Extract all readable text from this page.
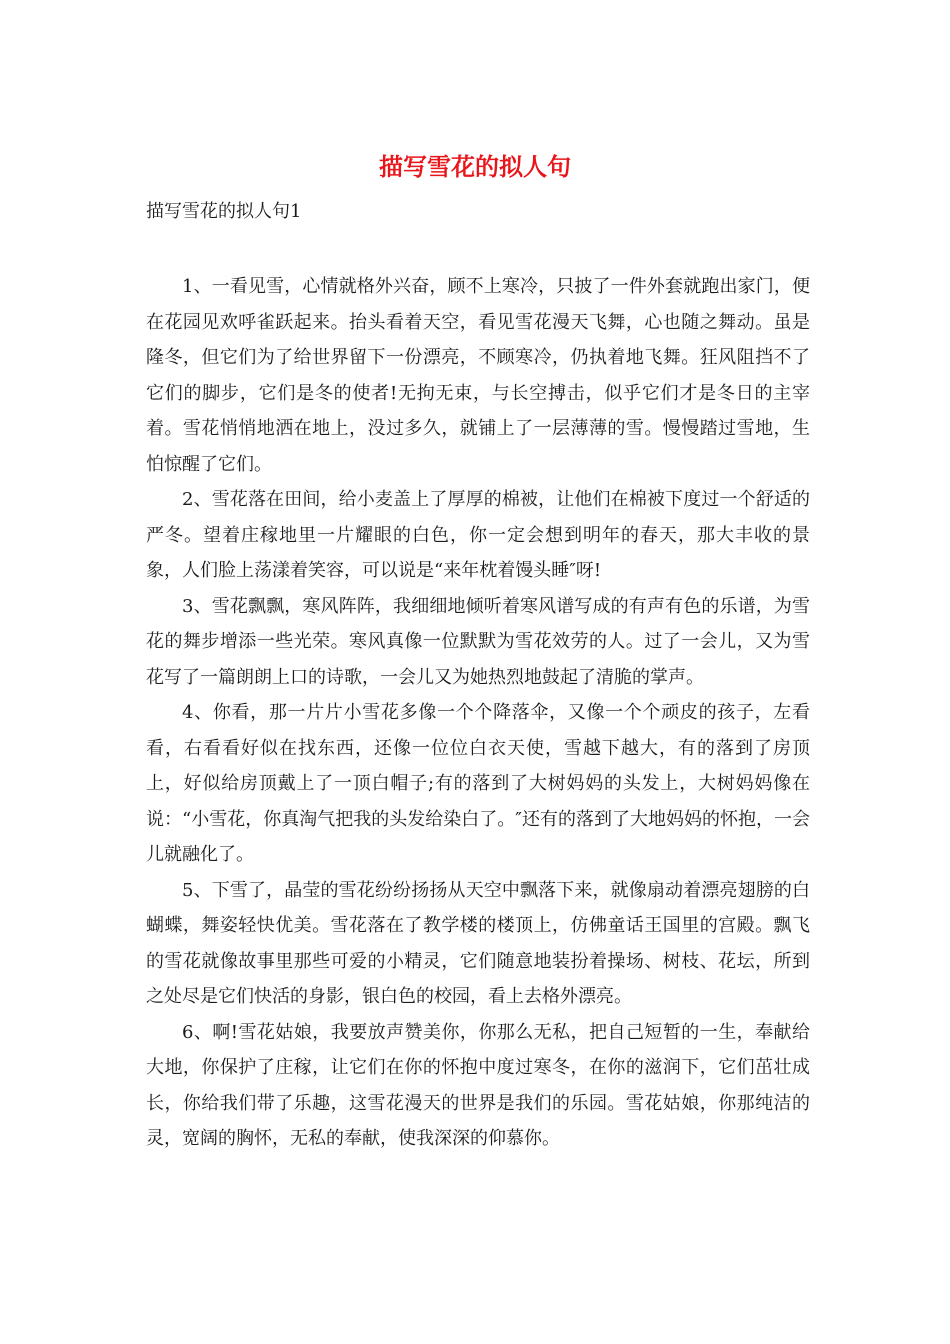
描写雪花的拟人句

描写雪花的拟人句1

1、一看见雪，心情就格外兴奋，顾不上寒冷，只披了一件外套就跑出家门，便在花园见欢呼雀跃起来。抬头看着天空，看见雪花漫天飞舞，心也随之舞动。虽是隆冬，但它们为了给世界留下一份漂亮，不顾寒冷，仍执着地飞舞。狂风阻挡不了它们的脚步，它们是冬的使者!无拘无束，与长空搏击，似乎它们才是冬日的主宰着。雪花悄悄地洒在地上，没过多久，就铺上了一层薄薄的雪。慢慢踏过雪地，生怕惊醒了它们。

2、雪花落在田间，给小麦盖上了厚厚的棉被，让他们在棉被下度过一个舒适的严冬。望着庄稼地里一片耀眼的白色，你一定会想到明年的春天，那大丰收的景象，人们脸上荡漾着笑容，可以说是“来年枕着馒头睡″呀!

3、雪花飘飘，寒风阵阵，我细细地倾听着寒风谱写成的有声有色的乐谱，为雪花的舞步增添一些光荣。寒风真像一位默默为雪花效劳的人。过了一会儿，又为雪花写了一篇朗朗上口的诗歌，一会儿又为她热烈地鼓起了清脆的掌声。

4、你看，那一片片小雪花多像一个个降落伞，又像一个个顽皮的孩子，左看看，右看看好似在找东西，还像一位位白衣天使，雪越下越大，有的落到了房顶上，好似给房顶戴上了一顶白帽子;有的落到了大树妈妈的头发上，大树妈妈像在说：“小雪花，你真淘气把我的头发给染白了。″还有的落到了大地妈妈的怀抱，一会儿就融化了。

5、下雪了，晶莹的雪花纷纷扬扬从天空中飘落下来，就像扇动着漂亮翅膀的白蝴蝶，舞姿轻快优美。雪花落在了教学楼的楼顶上，仿佛童话王国里的宫殿。飘飞的雪花就像故事里那些可爱的小精灵，它们随意地装扮着操场、树枝、花坛，所到之处尽是它们快活的身影，银白色的校园，看上去格外漂亮。

6、啊!雪花姑娘，我要放声赞美你，你那么无私，把自己短暂的一生，奉献给大地，你保护了庄稼，让它们在你的怀抱中度过寒冬，在你的滋润下，它们茁壮成长，你给我们带了乐趣，这雪花漫天的世界是我们的乐园。雪花姑娘，你那纯洁的灵，宽阔的胸怀，无私的奉献，使我深深的仰慕你。
